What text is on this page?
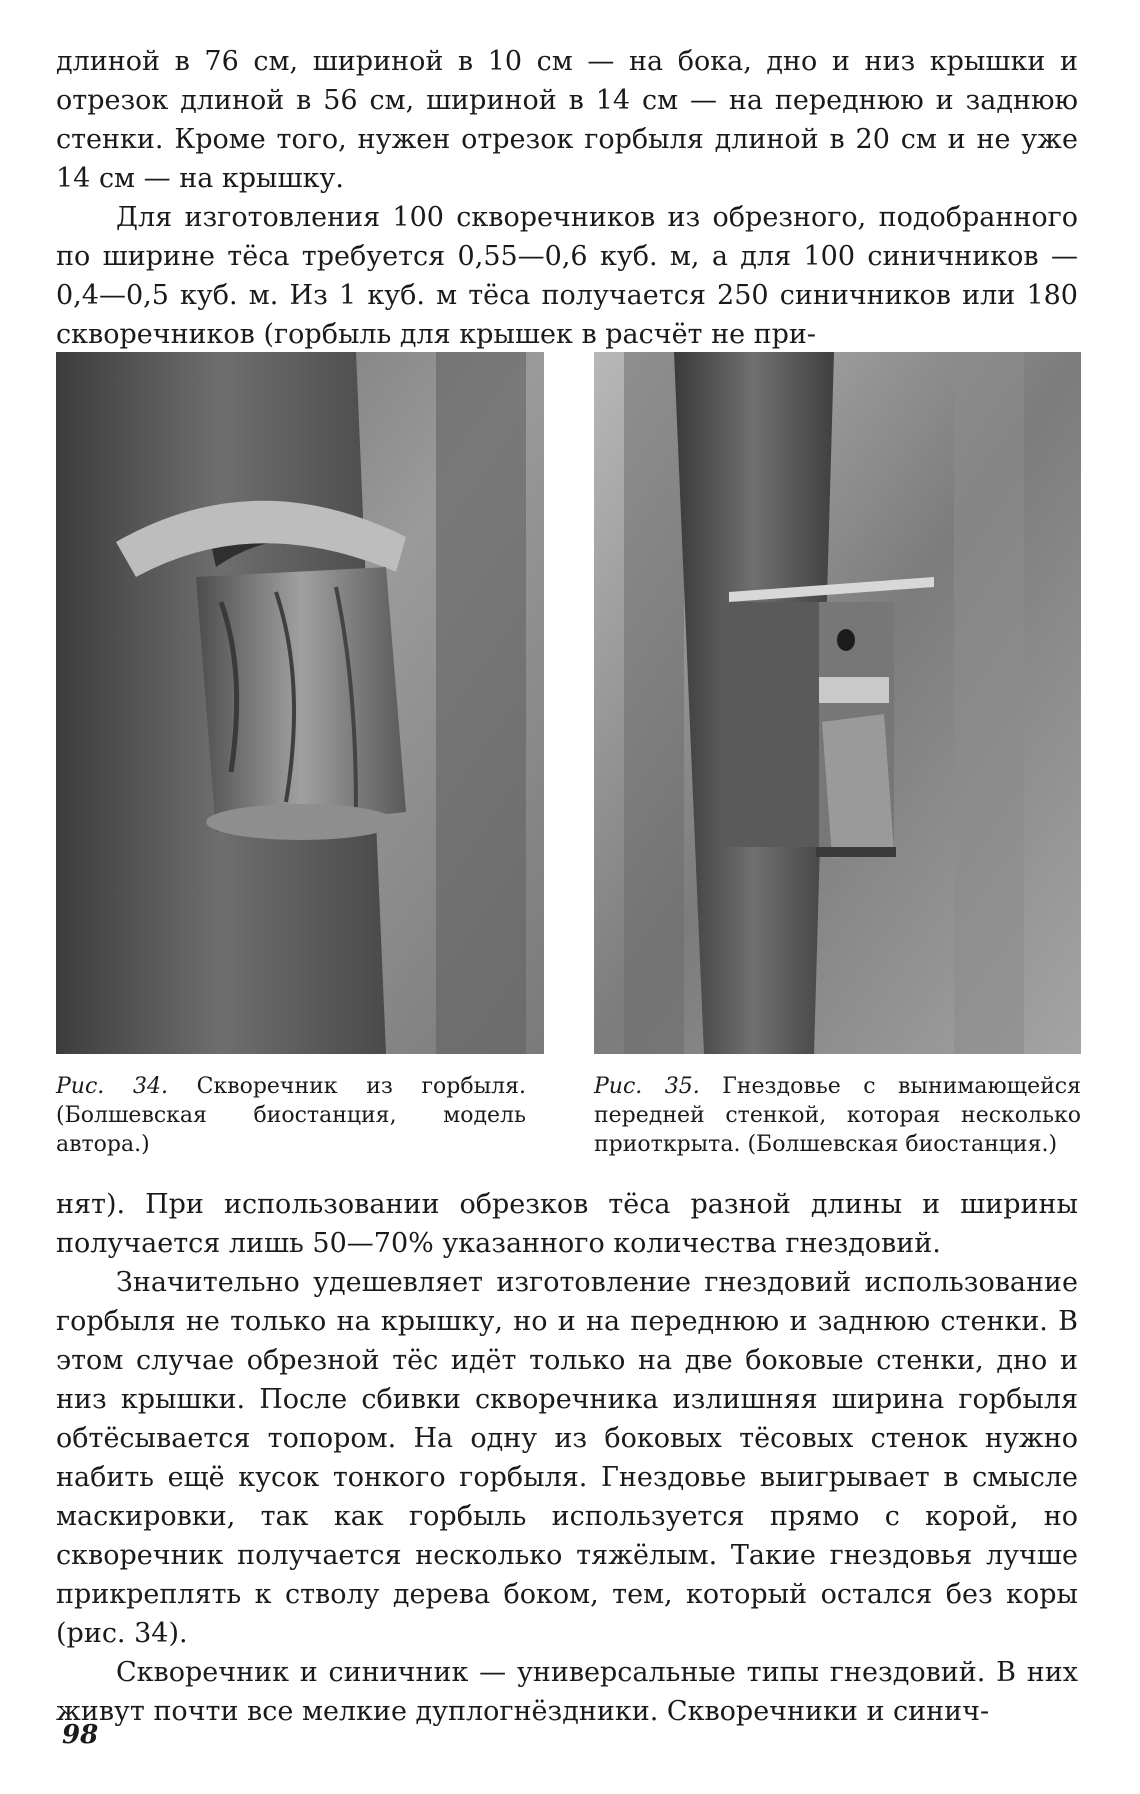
длиной в 76 см, шириной в 10 см — на бока, дно и низ крышки и отрезок длиной в 56 см, шириной в 14 см — на переднюю и заднюю стенки. Кроме того, нужен отрезок горбыля длиной в 20 см и не уже 14 см — на крышку.

Для изготовления 100 скворечников из обрезного, подобранного по ширине тёса требуется 0,55—0,6 куб. м, а для 100 синичников — 0,4—0,5 куб. м. Из 1 куб. м тёса получается 250 синичников или 180 скворечников (горбыль для крышек в расчёт не при-

Рис. 34. Скворечник из горбыля. (Болшевская биостанция, модель автора.)
Рис. 35. Гнездовье с вынимающейся передней стенкой, которая несколько приоткрыта. (Болшевская биостанция.)

нят). При использовании обрезков тёса разной длины и ширины получается лишь 50—70% указанного количества гнездовий.

Значительно удешевляет изготовление гнездовий использование горбыля не только на крышку, но и на переднюю и заднюю стенки. В этом случае обрезной тёс идёт только на две боковые стенки, дно и низ крышки. После сбивки скворечника излишняя ширина горбыля обтёсывается топором. На одну из боковых тёсовых стенок нужно набить ещё кусок тонкого горбыля. Гнездовье выигрывает в смысле маскировки, так как горбыль используется прямо с корой, но скворечник получается несколько тяжёлым. Такие гнездовья лучше прикреплять к стволу дерева боком, тем, который остался без коры (рис. 34).

Скворечник и синичник — универсальные типы гнездовий. В них живут почти все мелкие дуплогнёздники. Скворечники и синич-

98
